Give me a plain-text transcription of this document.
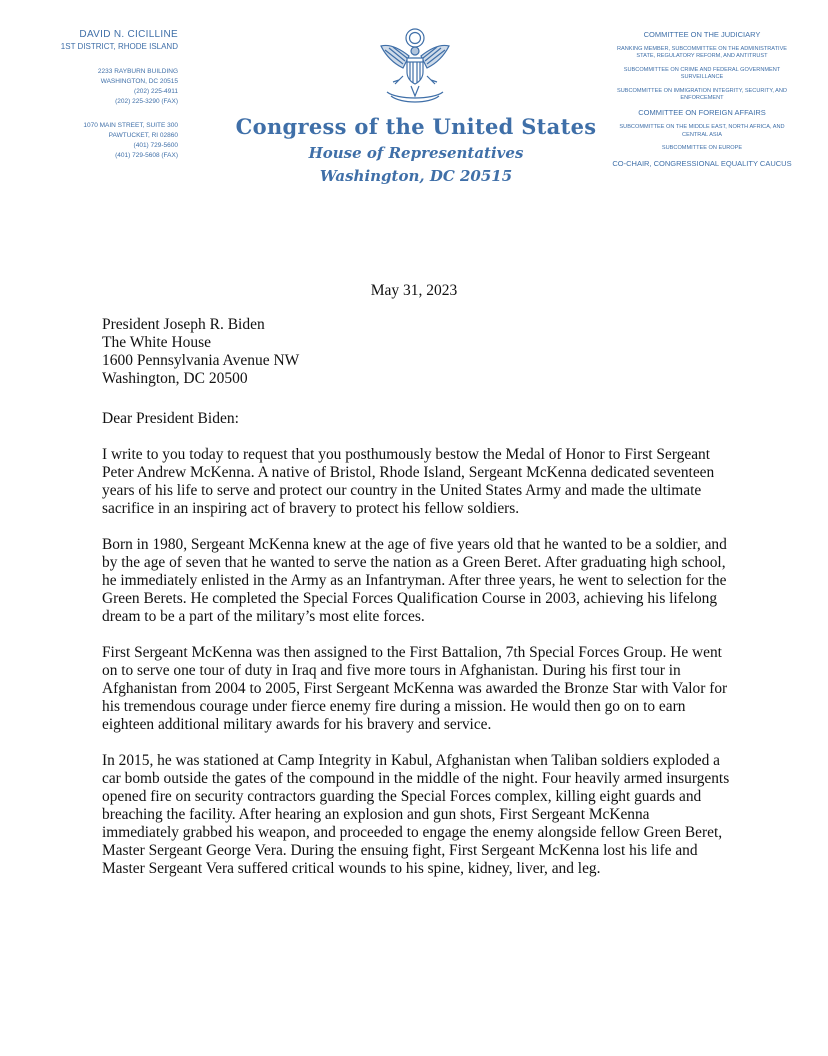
DAVID N. CICILLINE
1ST DISTRICT, RHODE ISLAND
2233 RAYBURN BUILDING
WASHINGTON, DC 20515
(202) 225-4911
(202) 225-3290 (FAX)
1070 MAIN STREET, SUITE 300
PAWTUCKET, RI 02860
(401) 729-5600
(401) 729-5608 (FAX)
Congress of the United States
House of Representatives
Washington, DC 20515
COMMITTEE ON THE JUDICIARY
RANKING MEMBER, SUBCOMMITTEE ON THE ADMINISTRATIVE STATE, REGULATORY REFORM, AND ANTITRUST
SUBCOMMITTEE ON CRIME AND FEDERAL GOVERNMENT SURVEILLANCE
SUBCOMMITTEE ON IMMIGRATION INTEGRITY, SECURITY, AND ENFORCEMENT
COMMITTEE ON FOREIGN AFFAIRS
SUBCOMMITTEE ON THE MIDDLE EAST, NORTH AFRICA, AND CENTRAL ASIA
SUBCOMMITTEE ON EUROPE
CO-CHAIR, CONGRESSIONAL EQUALITY CAUCUS
May 31, 2023
President Joseph R. Biden
The White House
1600 Pennsylvania Avenue NW
Washington, DC 20500
Dear President Biden:

I write to you today to request that you posthumously bestow the Medal of Honor to First Sergeant Peter Andrew McKenna. A native of Bristol, Rhode Island, Sergeant McKenna dedicated seventeen years of his life to serve and protect our country in the United States Army and made the ultimate sacrifice in an inspiring act of bravery to protect his fellow soldiers.

Born in 1980, Sergeant McKenna knew at the age of five years old that he wanted to be a soldier, and by the age of seven that he wanted to serve the nation as a Green Beret. After graduating high school, he immediately enlisted in the Army as an Infantryman. After three years, he went to selection for the Green Berets. He completed the Special Forces Qualification Course in 2003, achieving his lifelong dream to be a part of the military’s most elite forces.

First Sergeant McKenna was then assigned to the First Battalion, 7th Special Forces Group. He went on to serve one tour of duty in Iraq and five more tours in Afghanistan. During his first tour in Afghanistan from 2004 to 2005, First Sergeant McKenna was awarded the Bronze Star with Valor for his tremendous courage under fierce enemy fire during a mission. He would then go on to earn eighteen additional military awards for his bravery and service.

In 2015, he was stationed at Camp Integrity in Kabul, Afghanistan when Taliban soldiers exploded a car bomb outside the gates of the compound in the middle of the night. Four heavily armed insurgents opened fire on security contractors guarding the Special Forces complex, killing eight guards and breaching the facility. After hearing an explosion and gun shots, First Sergeant McKenna immediately grabbed his weapon, and proceeded to engage the enemy alongside fellow Green Beret, Master Sergeant George Vera. During the ensuing fight, First Sergeant McKenna lost his life and Master Sergeant Vera suffered critical wounds to his spine, kidney, liver, and leg.
